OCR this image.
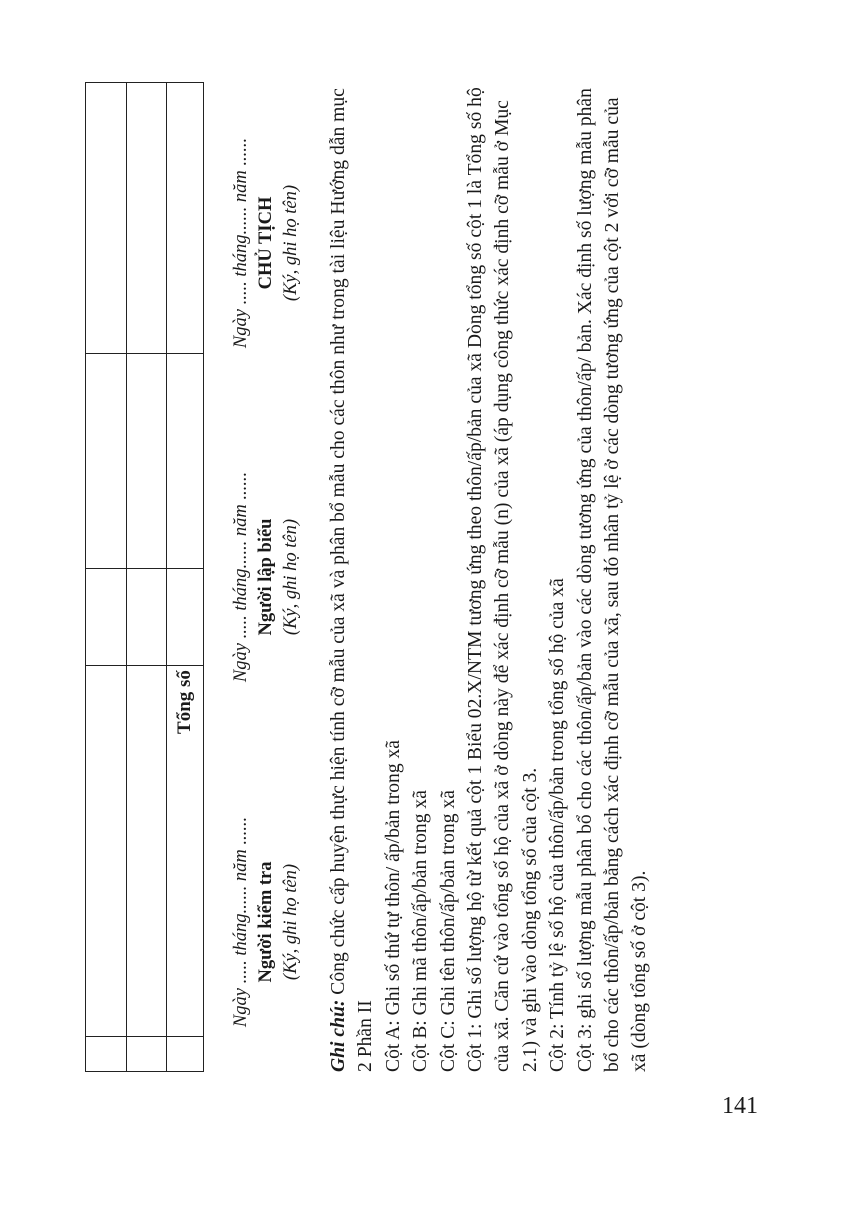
Tổng số
Ngày ..... tháng...... năm ...... Người kiểm tra (Ký, ghi họ tên)
Ngày ..... tháng...... năm ...... Người lập biểu (Ký, ghi họ tên)
Ngày ..... tháng...... năm ...... CHỦ TỊCH (Ký, ghi họ tên)

Ghi chú: Công chức cấp huyện thực hiện tính cỡ mẫu của xã và phân bổ mẫu cho các thôn như trong tài liệu Hướng dẫn mục 2 Phần II Cột A: Ghi số thứ tự thôn/ ấp/bản trong xã Cột B: Ghi mã thôn/ấp/bản trong xã Cột C: Ghi tên thôn/ấp/bản trong xã Cột 1: Ghi số lượng hộ từ kết quả cột 1 Biểu 02.X/NTM tương ứng theo thôn/ấp/bản của xã Dòng tổng số cột 1 là Tổng số hộ của xã. Căn cứ vào tổng số hộ của xã ở dòng này để xác định cỡ mẫu (n) của xã (áp dụng công thức xác định cỡ mẫu ở Mục 2.1) và ghi vào dòng tổng số của cột 3. Cột 2: Tính tỷ lệ số hộ của thôn/ấp/bản trong tổng số hộ của xã Cột 3: ghi số lượng mẫu phân bổ cho các thôn/ấp/bản vào các dòng tương ứng của thôn/ấp/ bản. Xác định số lượng mẫu phân bổ cho các thôn/ấp/bản bằng cách xác định cỡ mẫu của xã, sau đó nhân tỷ lệ ở các dòng tương ứng của cột 2 với cỡ mẫu của xã (dòng tổng số ở cột 3).

141
